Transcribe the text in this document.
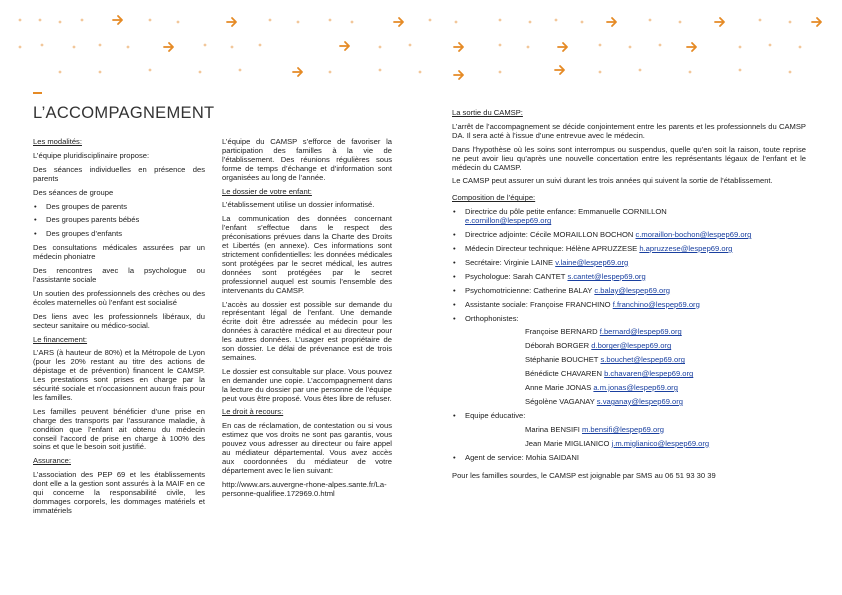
L’ACCOMPAGNEMENT

Les modalités:

L’équipe pluridisciplinaire propose:

Des séances individuelles en présence des parents

Des séances de groupe

• Des groupes de parents
• Des groupes parents bébés
• Des groupes d’enfants

Des consultations médicales assurées par un médecin phoniatre

Des rencontres avec la psychologue ou l’assistante sociale

Un soutien des professionnels des crèches ou des écoles maternelles où l’enfant est socialisé

Des liens avec les professionnels libéraux, du secteur sanitaire ou médico-social.

Le financement:

L’ARS (à hauteur de 80%) et la Métropole de Lyon (pour les 20% restant au titre des actions de dépistage et de prévention) financent le CAMSP. Les prestations sont prises en charge par la sécurité sociale et n’occasionnent aucun frais pour les familles.

Les familles peuvent bénéficier d’une prise en charge des transports par l’assurance maladie, à condition que l’enfant ait obtenu du médecin conseil l’accord de prise en charge à 100% des soins et que le besoin soit justifié.

Assurance:

L’association des PEP 69 et les établissements dont elle a la gestion sont assurés à la MAIF en ce qui concerne la responsabilité civile, les dommages corporels, les dommages matériels et immatériels

L’équipe du CAMSP s’efforce de favoriser la participation des familles à la vie de l’établissement. Des réunions régulières sous forme de temps d’échange et d’information sont organisées au long de l’année.

Le dossier de votre enfant:

L’établissement utilise un dossier informatisé.

La communication des données concernant l’enfant s’effectue dans le respect des préconisations prévues dans la Charte des Droits et Libertés (en annexe). Ces informations sont strictement confidentielles: les données médicales sont protégées par le secret médical, les autres données sont protégées par le secret professionnel auquel est soumis l’ensemble des intervenants du CAMSP.

L’accès au dossier est possible sur demande du représentant légal de l’enfant. Une demande écrite doit être adressée au médecin pour les données à caractère médical et au directeur pour les autres données. L’usager est propriétaire de son dossier. Le délai de prévenance est de trois semaines.

Le dossier est consultable sur place. Vous pouvez en demander une copie. L’accompagnement dans la lecture du dossier par une personne de l’équipe peut vous être proposé. Vous êtes libre de refuser.

Le droit à recours:

En cas de réclamation, de contestation ou si vous estimez que vos droits ne sont pas garantis, vous pouvez vous adresser au directeur ou faire appel au médiateur départemental. Vous avez accès aux coordonnées du médiateur de votre département avec le lien suivant:

http://www.ars.auvergne-rhone-alpes.sante.fr/La-personne-qualifiee.172969.0.html

La sortie du CAMSP:

L’arrêt de l’accompagnement se décide conjointement entre les parents et les professionnels du CAMSP DA. Il sera acté à l’issue d’une entrevue avec le médecin.

Dans l’hypothèse où les soins sont interrompus ou suspendus, quelle qu’en soit la raison, toute reprise ne peut avoir lieu qu’après une nouvelle concertation entre les représentants légaux de l’enfant et le médecin du CAMSP.

Le CAMSP peut assurer un suivi durant les trois années qui suivent la sortie de l’établissement.

Composition de l’équipe:

• Directrice du pôle petite enfance: Emmanuelle CORNILLON
e.cornillon@lespep69.org
• Directrice adjointe: Cécile MORAILLON BOCHON c.moraillon-bochon@lespep69.org
• Médecin Directeur technique: Hélène APRUZZESE h.apruzzese@lespep69.org
• Secrétaire: Virginie LAINE v.laine@lespep69.org
• Psychologue: Sarah CANTET s.cantet@lespep69.org
• Psychomotricienne: Catherine BALAY c.balay@lespep69.org
• Assistante sociale: Françoise FRANCHINO f.franchino@lespep69.org
• Orthophonistes:

Françoise BERNARD f.bernard@lespep69.org

Déborah BORGER d.borger@lespep69.org

Stéphanie BOUCHET s.bouchet@lespep69.org

Bénédicte CHAVAREN b.chavaren@lespep69.org

Anne Marie JONAS a.m.jonas@lespep69.org

Ségolène VAGANAY s.vaganay@lespep69.org

• Equipe éducative:

Marina BENSIFI m.bensifi@lespep69.org

Jean Marie MIGLIANICO j.m.miglianico@lespep69.org

• Agent de service: Mohia SAIDANI

Pour les familles sourdes, le CAMSP est joignable par SMS au 06 51 93 30 39
